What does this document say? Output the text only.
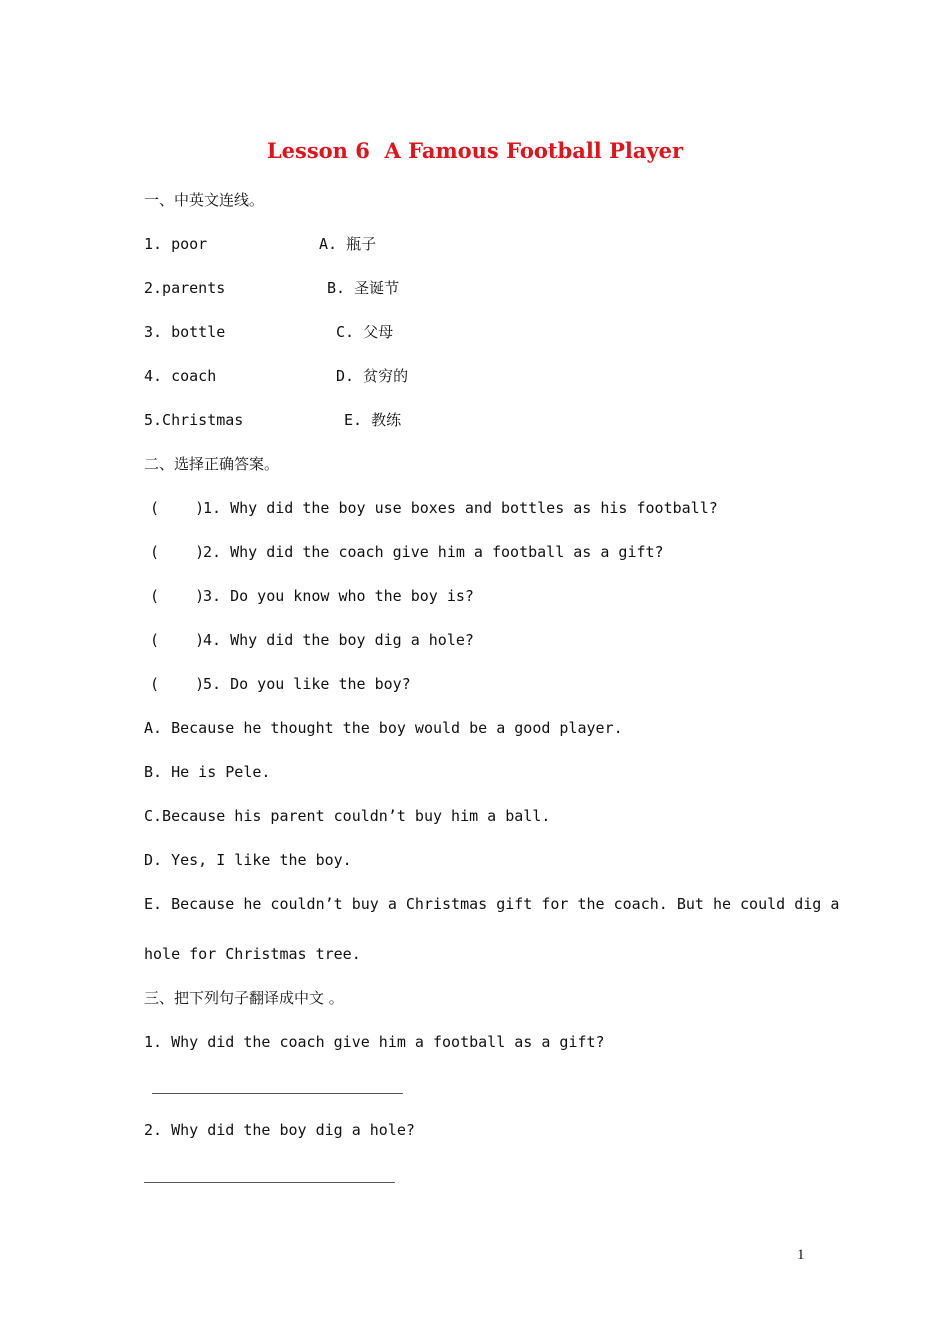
Lesson 6  A Famous Football Player
一、中英文连线。
1. poor	A. 瓶子
2.parents	B. 圣诞节
3. bottle	C. 父母
4. coach	D. 贫穷的
5.Christmas	E. 教练
二、选择正确答案。
(    )
1. Why did the boy use boxes and bottles as his football?
(    )
2. Why did the coach give him a football as a gift?
(    )
3. Do you know who the boy is?
(    )
4. Why did the boy dig a hole?
(    )
5. Do you like the boy?
A. Because he thought the boy would be a good player.
B. He is Pele.
C.Because his parent couldn’t buy him a ball.
D. Yes, I like the boy.
E. Because he couldn’t buy a Christmas gift for the coach. But he could dig a
hole for Christmas tree.
三、把下列句子翻译成中文 。
1. Why did the coach give him a football as a gift?
2. Why did the boy dig a hole?
1
